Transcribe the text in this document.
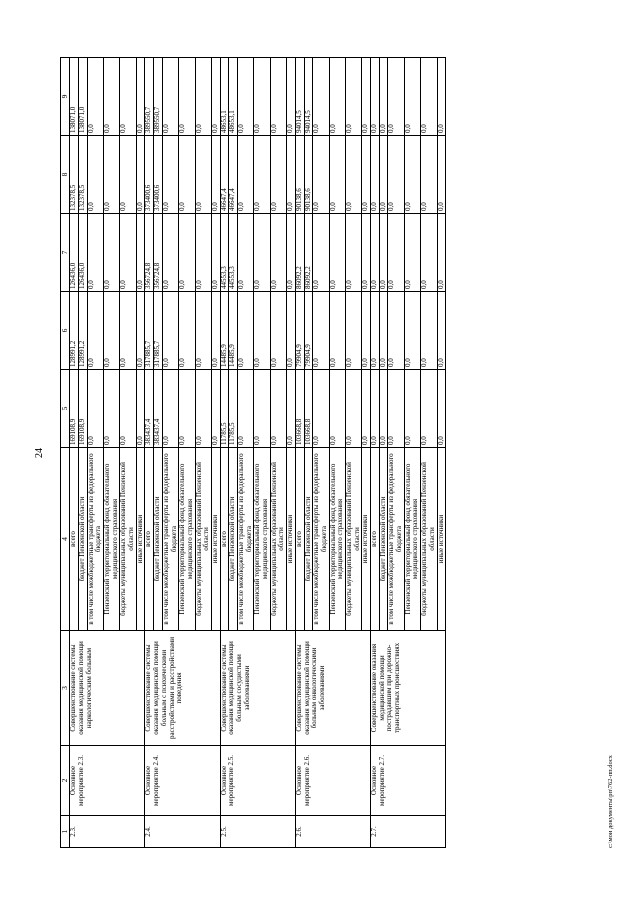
24
1	2	3	4	5	6	7	8	9
2.3.	Основное мероприятие 2.3.	Совершенствование системы оказания медицинской помощи наркологическим больным	всего	169108,9	128991,2	126436,0	132378,5	138071,0
			бюджет Пензенской области	169108,9	128991,2	126436,0	132378,5	138071,0
			в том числе межбюджетные трансферты из федерального бюджета	0,0	0,0	0,0	0,0	0,0
			Пензенский территориальный фонд обязательного медицинского страхования	0,0	0,0	0,0	0,0	0,0
			бюджеты муниципальных образований Пензенской области	0,0	0,0	0,0	0,0	0,0
			иные источники	0,0	0,0	0,0	0,0	0,0
2.4.	Основное мероприятие 2.4.	Совершенствование системы оказания медицинской помощи больным с психическими расстройствами и расстройствами поведения	всего	383437,4	317885,7	356724,8	373400,6	389550,7
			бюджет Пензенской области	383437,4	317885,7	356724,8	373400,6	389550,7
			в том числе межбюджетные трансферты из федерального бюджета	0,0	0,0	0,0	0,0	0,0
			Пензенский территориальный фонд обязательного медицинского страхования	0,0	0,0	0,0	0,0	0,0
			бюджеты муниципальных образований Пензенской области	0,0	0,0	0,0	0,0	0,0
			иные источники	0,0	0,0	0,0	0,0	0,0
2.5.	Основное мероприятие 2.5.	Совершенствование системы оказания медицинской помощи больным сосудистыми заболеваниями	всего	11785,5	14485,9	44553,3	46647,4	48653,1
			бюджет Пензенской области	11785,5	14485,9	44553,3	46647,4	48653,1
			в том числе межбюджетные трансферты из федерального бюджета	0,0	0,0	0,0	0,0	0,0
			Пензенский территориальный фонд обязательного медицинского страхования	0,0	0,0	0,0	0,0	0,0
			бюджеты муниципальных образований Пензенской области	0,0	0,0	0,0	0,0	0,0
			иные источники	0,0	0,0	0,0	0,0	0,0
2.6.	Основное мероприятие 2.6.	Совершенствование системы оказания медицинской помощи больным онкологическими заболеваниями	всего	103668,8	79904,9	86092,2	90138,6	94014,5
			бюджет Пензенской области	103668,8	79904,9	86092,2	90138,6	94014,5
			в том числе межбюджетные трансферты из федерального бюджета	0,0	0,0	0,0	0,0	0,0
			Пензенский территориальный фонд обязательного медицинского страхования	0,0	0,0	0,0	0,0	0,0
			бюджеты муниципальных образований Пензенской области	0,0	0,0	0,0	0,0	0,0
			иные источники	0,0	0,0	0,0	0,0	0,0
2.7.	Основное мероприятие 2.7.	Совершенствование оказания медицинской помощи пострадавшим при дорожно-транспортных происшествиях	всего	0,0	0,0	0,0	0,0	0,0
			бюджет Пензенской области	0,0	0,0	0,0	0,0	0,0
			в том числе межбюджетные трансферты из федерального бюджета	0,0	0,0	0,0	0,0	0,0
			Пензенский территориальный фонд обязательного медицинского страхования	0,0	0,0	0,0	0,0	0,0
			бюджеты муниципальных образований Пензенской области	0,0	0,0	0,0	0,0	0,0
			иные источники	0,0	0,0	0,0	0,0	0,0
c:\мои документы\рп\762-пп.docx
